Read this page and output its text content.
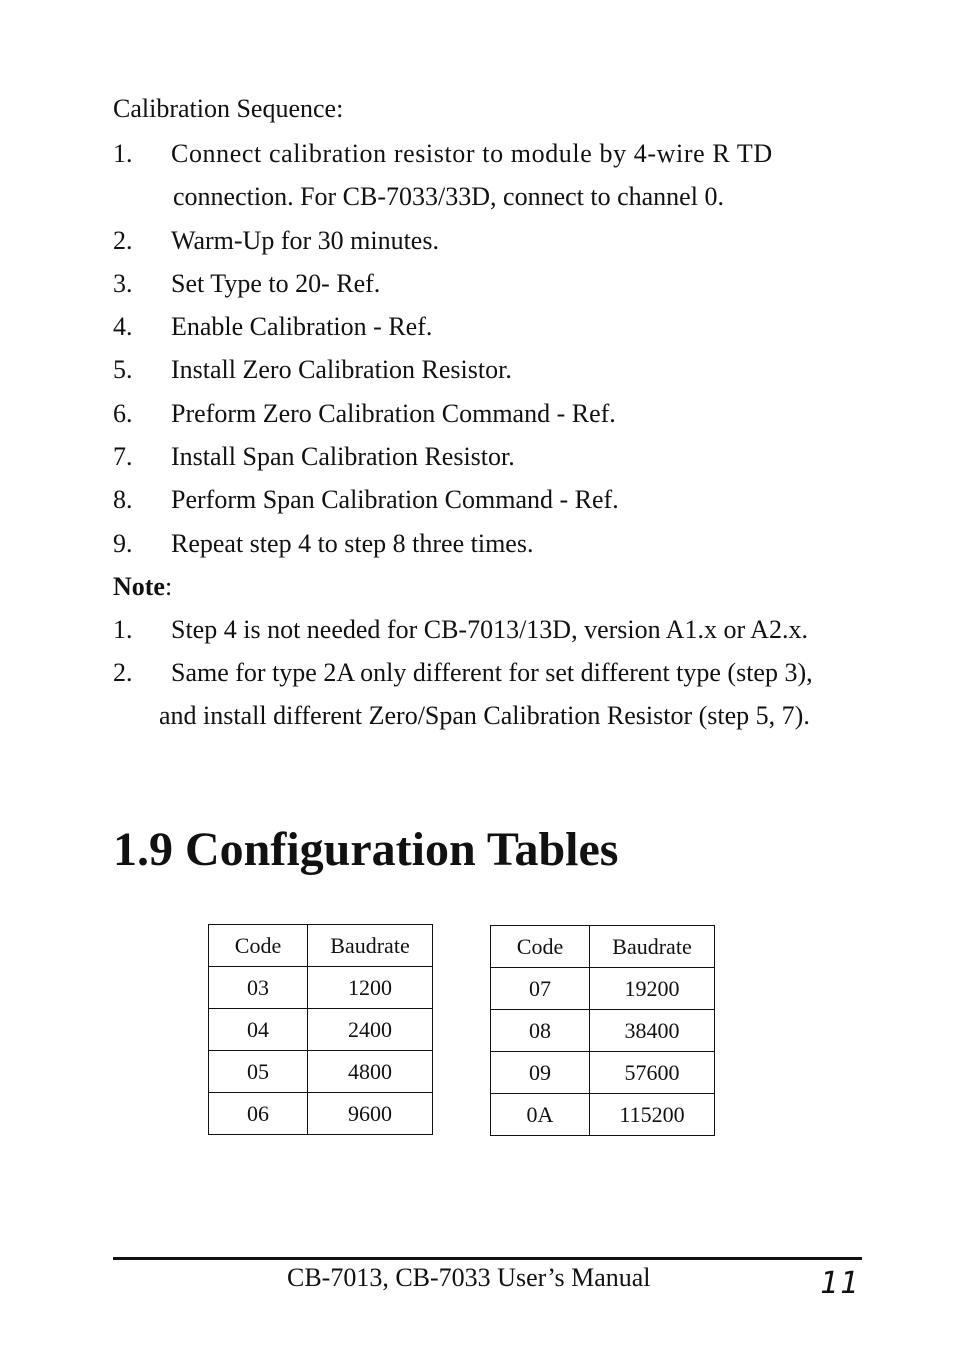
Calibration Sequence:
1. Connect calibration resistor to module by 4-wire R TD
connection. For CB-7033/33D, connect to channel 0.
2. Warm-Up for 30 minutes.
3. Set Type to 20- Ref.
4. Enable Calibration - Ref.
5. Install Zero Calibration Resistor.
6. Preform Zero Calibration Command - Ref.
7. Install Span Calibration Resistor.
8. Perform Span Calibration Command - Ref.
9. Repeat step 4 to step 8 three times.
Note:
1. Step 4 is not needed for CB-7013/13D, version A1.x or A2.x.
2. Same for type 2A only different for set different type (step 3),
and install different Zero/Span Calibration Resistor (step 5, 7).
1.9 Configuration Tables
Code	Baudrate
03	1200
04	2400
05	4800
06	9600
Code	Baudrate
07	19200
08	38400
09	57600
0A	115200
CB-7013, CB-7033 User’s Manual	11
